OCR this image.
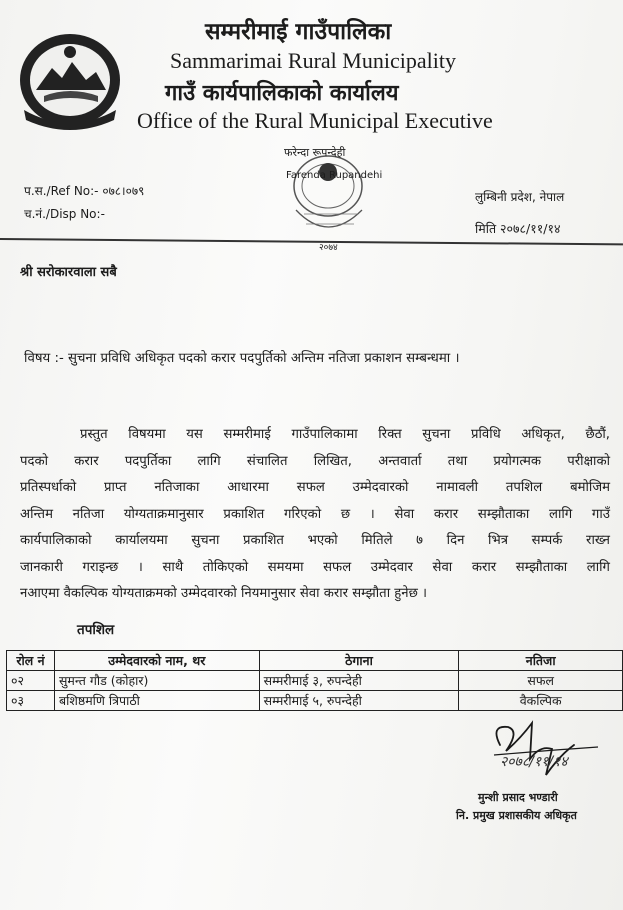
सम्मरीमाई गाउँपालिका
Sammarimai Rural Municipality
गाउँ कार्यपालिकाको कार्यालय
Office of the Rural Municipal Executive
फरेन्दा रूपन्देही
Farenda Rupandehi
२०७४
प.स./Ref No:- ०७८।०७९
च.नं./Disp No:-
लुम्बिनी प्रदेश, नेपाल
मिति २०७८/११/१४
श्री सरोकारवाला सबै
विषय :- सुचना प्रविधि अधिकृत पदको करार पदपुर्तिको अन्तिम नतिजा प्रकाशन सम्बन्धमा ।

प्रस्तुत विषयमा यस सम्मरीमाई गाउँपालिकामा रिक्त सुचना प्रविधि अधिकृत, छैठौं,

पदको करार पदपुर्तिका लागि संचालित लिखित, अन्तवार्ता तथा प्रयोगत्मक परीक्षाको

प्रतिस्पर्धाको प्राप्त नतिजाका आधारमा सफल उम्मेदवारको नामावली तपशिल बमोजिम

अन्तिम नतिजा योग्यताक्रमानुसार प्रकाशित गरिएको छ । सेवा करार सम्झौताका लागि गाउँ

कार्यपालिकाको कार्यालयमा सुचना प्रकाशित भएको मितिले ७ दिन भित्र सम्पर्क राख्न

जानकारी गराइन्छ । साथै तोकिएको समयमा सफल उम्मेदवार सेवा करार सम्झौताका लागि

नआएमा वैकल्पिक योग्यताक्रमको उम्मेदवारको नियमानुसार सेवा करार सम्झौता हुनेछ ।

तपशिल
रोल नं	उम्मेदवारको नाम, थर	ठेगाना	नतिजा
०२	सुमन्त गौड (कोहार)	सम्मरीमाई ३, रुपन्देही	सफल
०३	बशिष्ठमणि त्रिपाठी	सम्मरीमाई ५, रुपन्देही	वैकल्पिक
२०७८/११/१४
मुन्शी प्रसाद भण्डारी
नि. प्रमुख प्रशासकीय अधिकृत
